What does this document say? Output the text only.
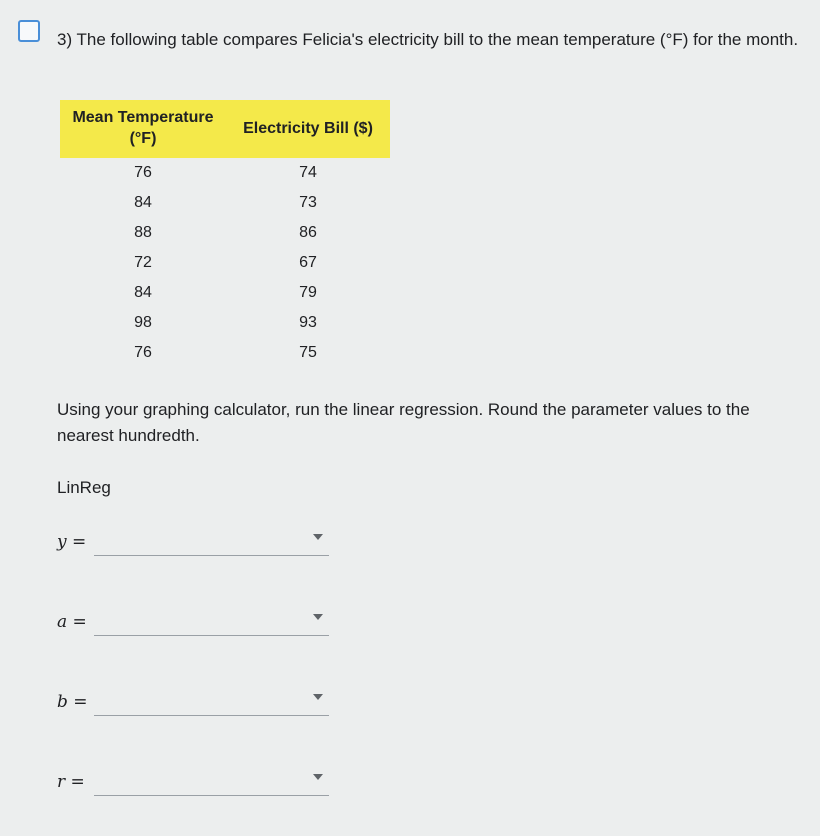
3) The following table compares Felicia's electricity bill to the mean temperature (°F) for the month.
Mean Temperature (°F)	Electricity Bill ($)
76	74
84	73
88	86
72	67
84	79
98	93
76	75
Using your graphing calculator, run the linear regression. Round the parameter values to the nearest hundredth.
LinReg
y =
a =
b =
r =
